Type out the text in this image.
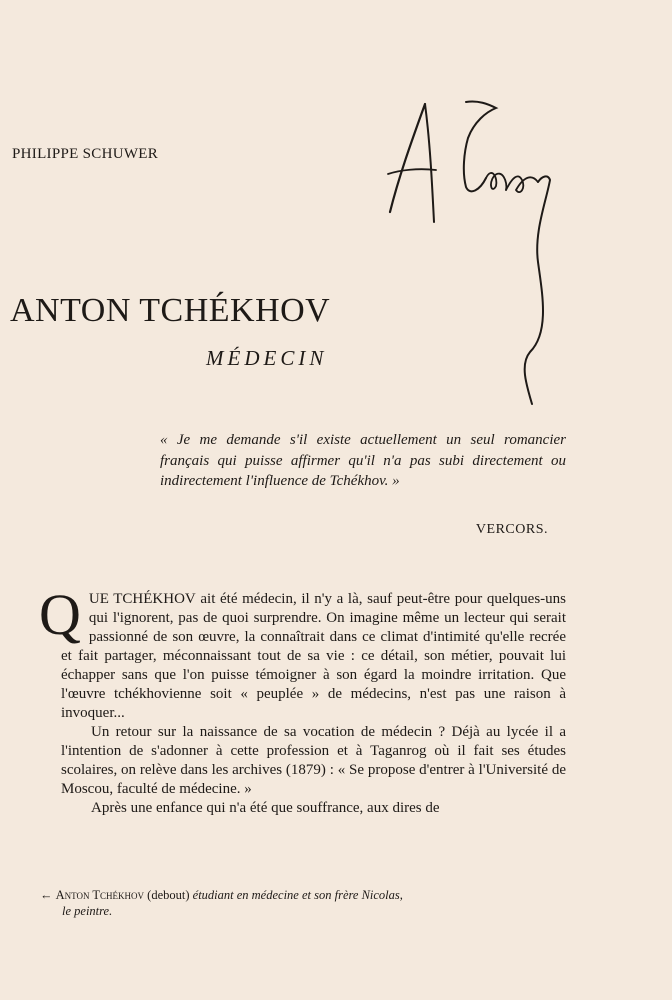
PHILIPPE SCHUWER
ANTON TCHÉKHOV
MÉDECIN

« Je me demande s'il existe actuellement un seul romancier français qui puisse affirmer qu'il n'a pas subi directement ou indirectement l'influence de Tchékhov. »

VERCORS.

QUE TCHÉKHOV ait été médecin, il n'y a là, sauf peut-être pour quelques-uns qui l'ignorent, pas de quoi surprendre. On imagine même un lecteur qui serait passionné de son œuvre, la connaîtrait dans ce climat d'intimité qu'elle recrée et fait partager, méconnaissant tout de sa vie : ce détail, son métier, pouvait lui échapper sans que l'on puisse témoigner à son égard la moindre irritation. Que l'œuvre tchékhovienne soit « peuplée » de médecins, n'est pas une raison à invoquer...

Un retour sur la naissance de sa vocation de médecin ? Déjà au lycée il a l'intention de s'adonner à cette profession et à Taganrog où il fait ses études scolaires, on relève dans les archives (1879) : « Se propose d'entrer à l'Université de Moscou, faculté de médecine. »

Après une enfance qui n'a été que souffrance, aux dires de

← Anton Tchékhov (debout) étudiant en médecine et son frère Nicolas,
le peintre.
